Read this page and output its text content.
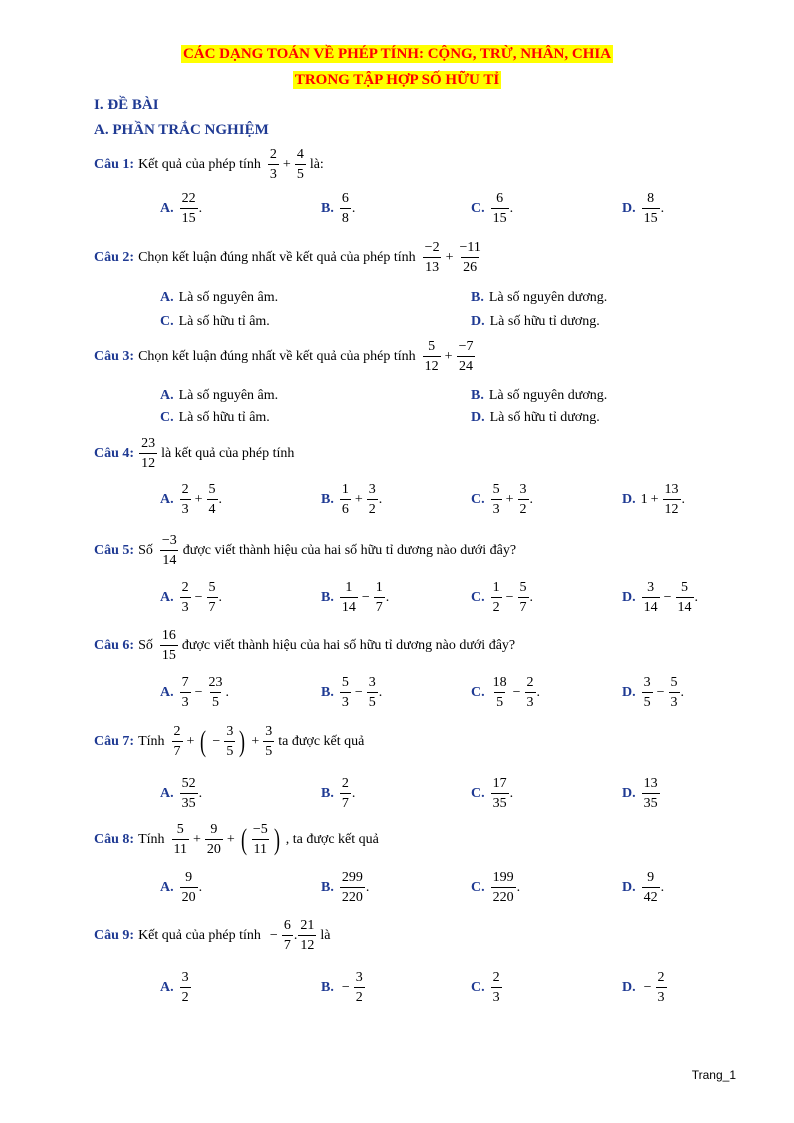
CÁC DẠNG TOÁN VỀ PHÉP TÍNH: CỘNG, TRỪ, NHÂN, CHIA
TRONG TẬP HỢP SỐ HỮU TỈ
I. ĐỀ BÀI
A. PHẦN TRẮC NGHIỆM
Câu 1: Kết quả của phép tính $\frac{2}{3} + \frac{4}{5}$ là:
A. $\frac{22}{15}$ .	B. $\frac{6}{8}$ .	C. $\frac{6}{15}$ .	D. $\frac{8}{15}$ .
Câu 2: Chọn kết luận đúng nhất về kết quả của phép tính $\frac{-2}{13} + \frac{-11}{26}$
A. Là số nguyên âm.	B. Là số nguyên dương.
C. Là số hữu tỉ âm.	D. Là số hữu tỉ dương.
Câu 3: Chọn kết luận đúng nhất về kết quả của phép tính $\frac{5}{12} + \frac{-7}{24}$
A. Là số nguyên âm.	B. Là số nguyên dương.
C. Là số hữu tỉ âm.	D. Là số hữu tỉ dương.
Câu 4: $\frac{23}{12}$ là kết quả của phép tính
A. $\frac{2}{3} + \frac{5}{4}$ .	B. $\frac{1}{6} + \frac{3}{2}$ .	C. $\frac{5}{3} + \frac{3}{2}$ .	D. $1 + \frac{13}{12}$ .
Câu 5: Số $\frac{-3}{14}$ được viết thành hiệu của hai số hữu tỉ dương nào dưới đây?
A. $\frac{2}{3} - \frac{5}{7}$ .	B. $\frac{1}{14} - \frac{1}{7}$ .	C. $\frac{1}{2} - \frac{5}{7}$ .	D. $\frac{3}{14} - \frac{5}{14}$ .
Câu 6: Số $\frac{16}{15}$ được viết thành hiệu của hai số hữu tỉ dương nào dưới đây?
A. $\frac{7}{3} - \frac{23}{5}$ .	B. $\frac{5}{3} - \frac{3}{5}$ .	C. $\frac{18}{5} - \frac{2}{3}$ .	D. $\frac{3}{5} - \frac{5}{3}$ .
Câu 7: Tính $\frac{2}{7}$ + ( − $\frac{3}{5}$ ) + $\frac{3}{5}$ ta được kết quả
A. $\frac{52}{35}$ .	B. $\frac{2}{7}$ .	C. $\frac{17}{35}$ .	D. $\frac{13}{35}$
Câu 8: Tính $\frac{5}{11} + \frac{9}{20}$ + ( $\frac{-5}{11}$ ) , ta được kết quả
A. $\frac{9}{20}$ .	B. $\frac{299}{220}$ .	C. $\frac{199}{220}$ .	D. $\frac{9}{42}$ .
Câu 9: Kết quả của phép tính − $\frac{6}{7}$ . $\frac{21}{12}$ là
A. $\frac{3}{2}$	B. − $\frac{3}{2}$	C. $\frac{2}{3}$	D. − $\frac{2}{3}$
Trang_1
